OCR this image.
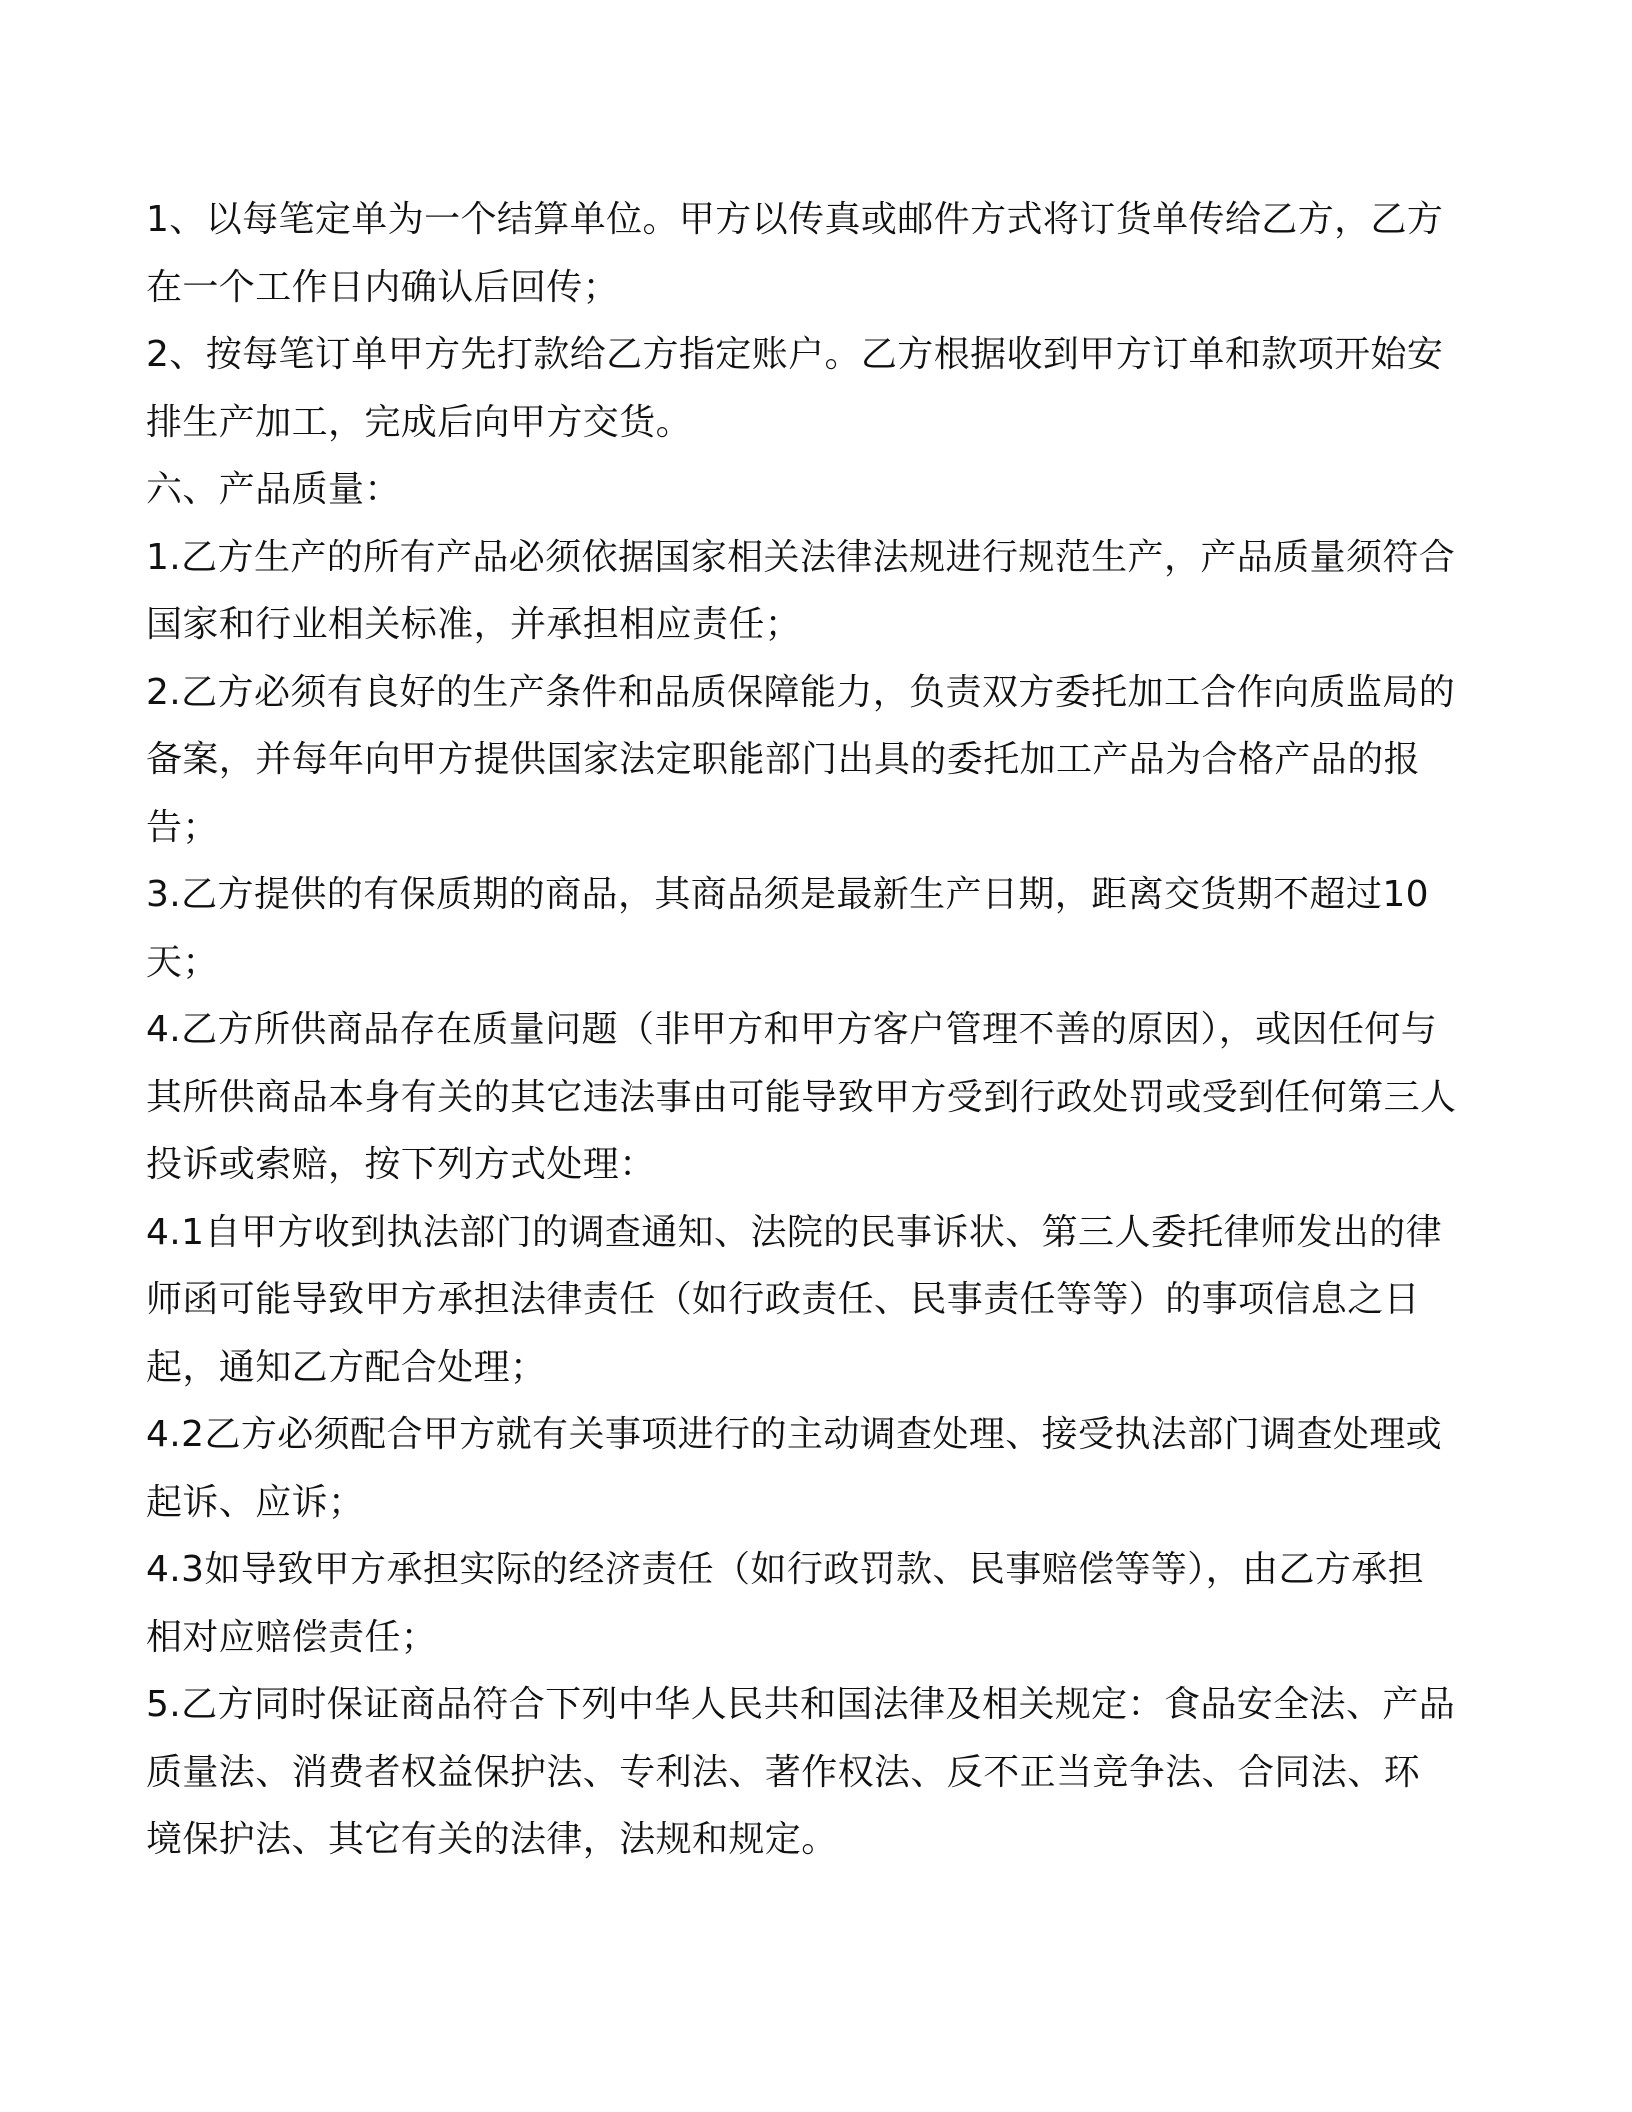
1、以每笔定单为一个结算单位。甲方以传真或邮件方式将订货单传给乙方，乙方
在一个工作日内确认后回传；

2、按每笔订单甲方先打款给乙方指定账户。乙方根据收到甲方订单和款项开始安
排生产加工，完成后向甲方交货。

六、产品质量：

1.乙方生产的所有产品必须依据国家相关法律法规进行规范生产，产品质量须符合
国家和行业相关标准，并承担相应责任；

2.乙方必须有良好的生产条件和品质保障能力，负责双方委托加工合作向质监局的
备案，并每年向甲方提供国家法定职能部门出具的委托加工产品为合格产品的报
告；

3.乙方提供的有保质期的商品，其商品须是最新生产日期，距离交货期不超过10
天；

4.乙方所供商品存在质量问题（非甲方和甲方客户管理不善的原因），或因任何与
其所供商品本身有关的其它违法事由可能导致甲方受到行政处罚或受到任何第三人
投诉或索赔，按下列方式处理：

4.1自甲方收到执法部门的调查通知、法院的民事诉状、第三人委托律师发出的律
师函可能导致甲方承担法律责任（如行政责任、民事责任等等）的事项信息之日
起，通知乙方配合处理；

4.2乙方必须配合甲方就有关事项进行的主动调查处理、接受执法部门调查处理或
起诉、应诉；

4.3如导致甲方承担实际的经济责任（如行政罚款、民事赔偿等等），由乙方承担
相对应赔偿责任；

5.乙方同时保证商品符合下列中华人民共和国法律及相关规定：食品安全法、产品
质量法、消费者权益保护法、专利法、著作权法、反不正当竞争法、合同法、环
境保护法、其它有关的法律，法规和规定。
